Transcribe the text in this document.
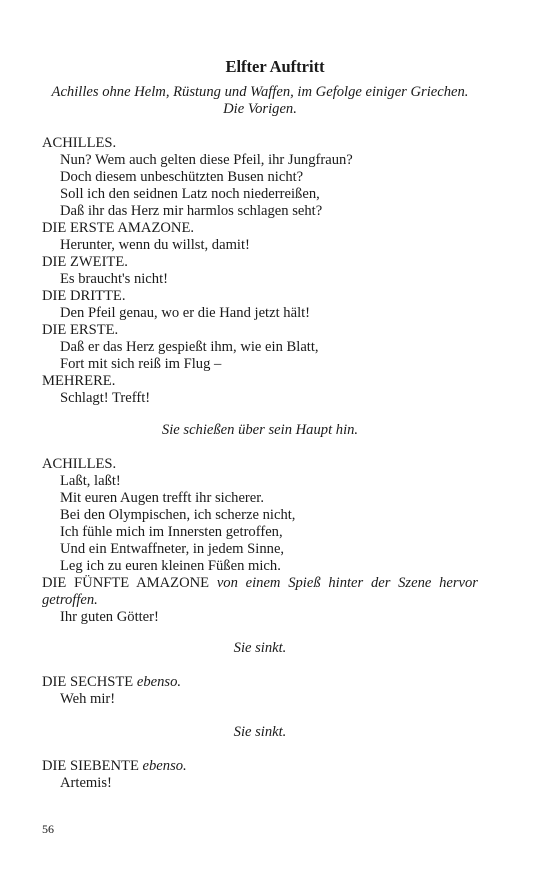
Elfter Auftritt
Achilles ohne Helm, Rüstung und Waffen, im Gefolge einiger Griechen.
Die Vorigen.
ACHILLES.
Nun? Wem auch gelten diese Pfeil, ihr Jungfraun?
Doch diesem unbeschützten Busen nicht?
Soll ich den seidnen Latz noch niederreißen,
Daß ihr das Herz mir harmlos schlagen seht?
DIE ERSTE AMAZONE.
Herunter, wenn du willst, damit!
DIE ZWEITE.
Es braucht's nicht!
DIE DRITTE.
Den Pfeil genau, wo er die Hand jetzt hält!
DIE ERSTE.
Daß er das Herz gespießt ihm, wie ein Blatt,
Fort mit sich reiß im Flug –
MEHRERE.
Schlagt! Trefft!
Sie schießen über sein Haupt hin.
ACHILLES.
Laßt, laßt!
Mit euren Augen trefft ihr sicherer.
Bei den Olympischen, ich scherze nicht,
Ich fühle mich im Innersten getroffen,
Und ein Entwaffneter, in jedem Sinne,
Leg ich zu euren kleinen Füßen mich.
DIE FÜNFTE AMAZONE von einem Spieß hinter der Szene hervor
getroffen.
Ihr guten Götter!
Sie sinkt.
DIE SECHSTE ebenso.
Weh mir!
Sie sinkt.
DIE SIEBENTE ebenso.
Artemis!
56
